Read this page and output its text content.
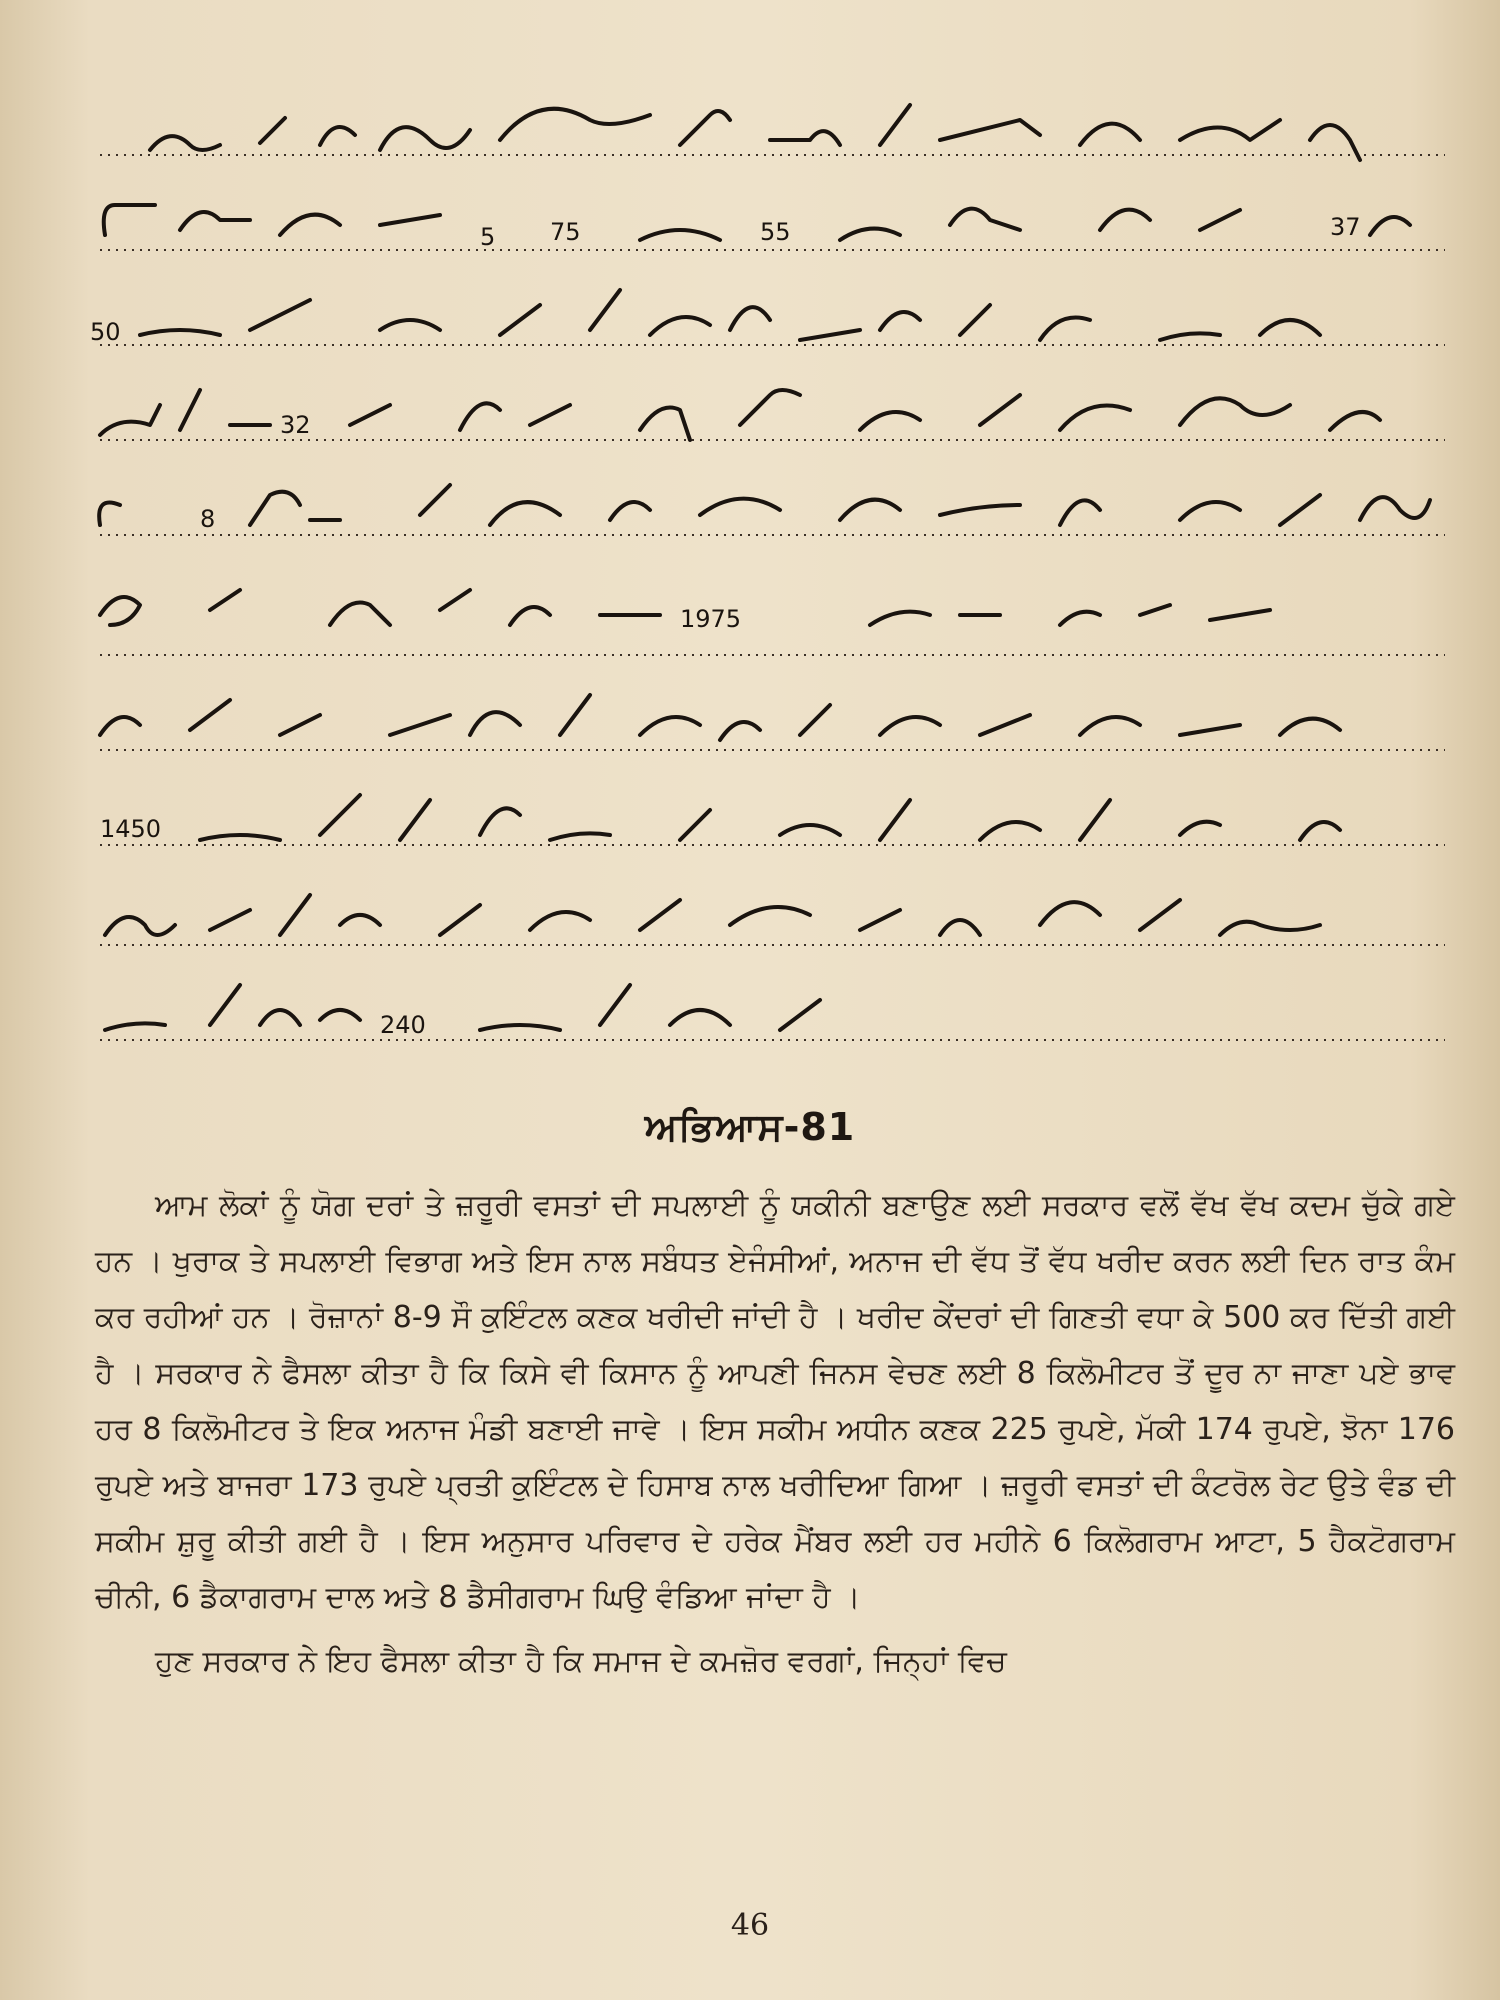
5 75	55	37
50
32
8
1975
1450
240
ਅਭਿਆਸ-81

ਆਮ ਲੋਕਾਂ ਨੂੰ ਯੋਗ ਦਰਾਂ ਤੇ ਜ਼ਰੂਰੀ ਵਸਤਾਂ ਦੀ ਸਪਲਾਈ ਨੂੰ ਯਕੀਨੀ ਬਣਾਉਣ ਲਈ ਸਰਕਾਰ ਵਲੋਂ ਵੱਖ ਵੱਖ ਕਦਮ ਚੁੱਕੇ ਗਏ ਹਨ । ਖੁਰਾਕ ਤੇ ਸਪਲਾਈ ਵਿਭਾਗ ਅਤੇ ਇਸ ਨਾਲ ਸਬੰਧਤ ਏਜੰਸੀਆਂ, ਅਨਾਜ ਦੀ ਵੱਧ ਤੋਂ ਵੱਧ ਖਰੀਦ ਕਰਨ ਲਈ ਦਿਨ ਰਾਤ ਕੰਮ ਕਰ ਰਹੀਆਂ ਹਨ । ਰੋਜ਼ਾਨਾਂ 8-9 ਸੌ ਕੁਇੰਟਲ ਕਣਕ ਖਰੀਦੀ ਜਾਂਦੀ ਹੈ । ਖਰੀਦ ਕੇਂਦਰਾਂ ਦੀ ਗਿਣਤੀ ਵਧਾ ਕੇ 500 ਕਰ ਦਿੱਤੀ ਗਈ ਹੈ । ਸਰਕਾਰ ਨੇ ਫੈਸਲਾ ਕੀਤਾ ਹੈ ਕਿ ਕਿਸੇ ਵੀ ਕਿਸਾਨ ਨੂੰ ਆਪਣੀ ਜਿਨਸ ਵੇਚਣ ਲਈ 8 ਕਿਲੋਮੀਟਰ ਤੋਂ ਦੂਰ ਨਾ ਜਾਣਾ ਪਏ ਭਾਵ ਹਰ 8 ਕਿਲੋਮੀਟਰ ਤੇ ਇਕ ਅਨਾਜ ਮੰਡੀ ਬਣਾਈ ਜਾਵੇ । ਇਸ ਸਕੀਮ ਅਧੀਨ ਕਣਕ 225 ਰੁਪਏ, ਮੱਕੀ 174 ਰੁਪਏ, ਝੋਨਾ 176 ਰੁਪਏ ਅਤੇ ਬਾਜਰਾ 173 ਰੁਪਏ ਪ੍ਰਤੀ ਕੁਇੰਟਲ ਦੇ ਹਿਸਾਬ ਨਾਲ ਖਰੀਦਿਆ ਗਿਆ । ਜ਼ਰੂਰੀ ਵਸਤਾਂ ਦੀ ਕੰਟਰੋਲ ਰੇਟ ਉਤੇ ਵੰਡ ਦੀ ਸਕੀਮ ਸ਼ੁਰੂ ਕੀਤੀ ਗਈ ਹੈ । ਇਸ ਅਨੁਸਾਰ ਪਰਿਵਾਰ ਦੇ ਹਰੇਕ ਮੈਂਬਰ ਲਈ ਹਰ ਮਹੀਨੇ 6 ਕਿਲੋਗਰਾਮ ਆਟਾ, 5 ਹੈਕਟੋਗਰਾਮ ਚੀਨੀ, 6 ਡੈਕਾਗਰਾਮ ਦਾਲ ਅਤੇ 8 ਡੈਸੀਗਰਾਮ ਘਿਉ ਵੰਡਿਆ ਜਾਂਦਾ ਹੈ ।

ਹੁਣ ਸਰਕਾਰ ਨੇ ਇਹ ਫੈਸਲਾ ਕੀਤਾ ਹੈ ਕਿ ਸਮਾਜ ਦੇ ਕਮਜ਼ੋਰ ਵਰਗਾਂ, ਜਿਨ੍ਹਾਂ ਵਿਚ

46
